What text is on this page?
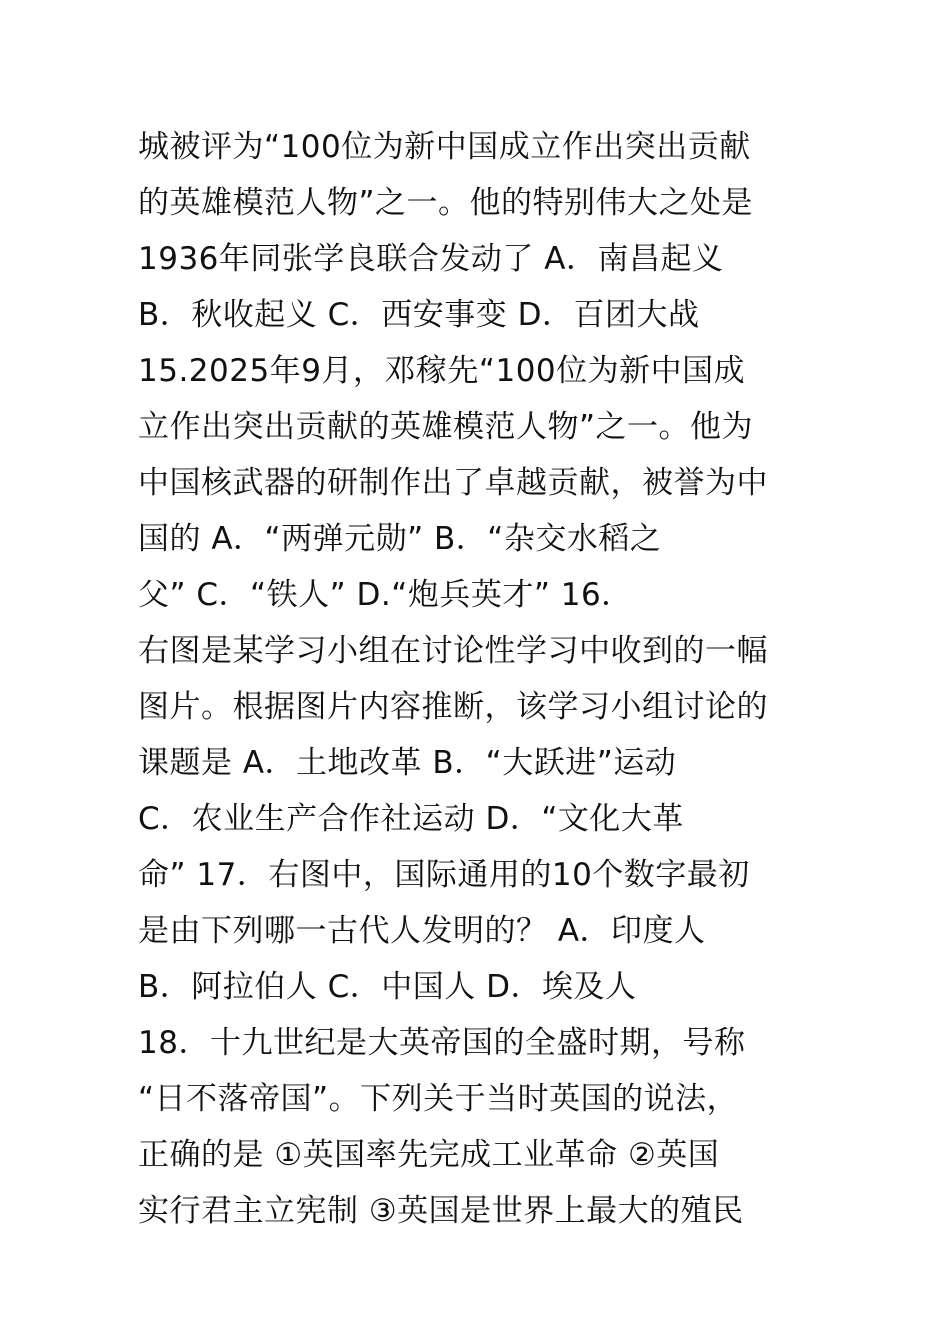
城被评为“100位为新中国成立作出突出贡献
的英雄模范人物”之一。他的特别伟大之处是
1936年同张学良联合发动了 A．南昌起义
B．秋收起义 C．西安事变 D．百团大战
15.2025年9月，邓稼先“100位为新中国成
立作出突出贡献的英雄模范人物”之一。他为
中国核武器的研制作出了卓越贡献，被誉为中
国的 A．“两弹元勋” B．“杂交水稻之
父” C．“铁人” D.“炮兵英才” 16．
右图是某学习小组在讨论性学习中收到的一幅
图片。根据图片内容推断，该学习小组讨论的
课题是 A．土地改革 B．“大跃进”运动
C．农业生产合作社运动 D．“文化大革
命” 17．右图中，国际通用的10个数字最初
是由下列哪一古代人发明的？ A．印度人
B．阿拉伯人 C．中国人 D．埃及人
18．十九世纪是大英帝国的全盛时期，号称
“日不落帝国”。下列关于当时英国的说法，
正确的是 ①英国率先完成工业革命 ②英国
实行君主立宪制 ③英国是世界上最大的殖民
